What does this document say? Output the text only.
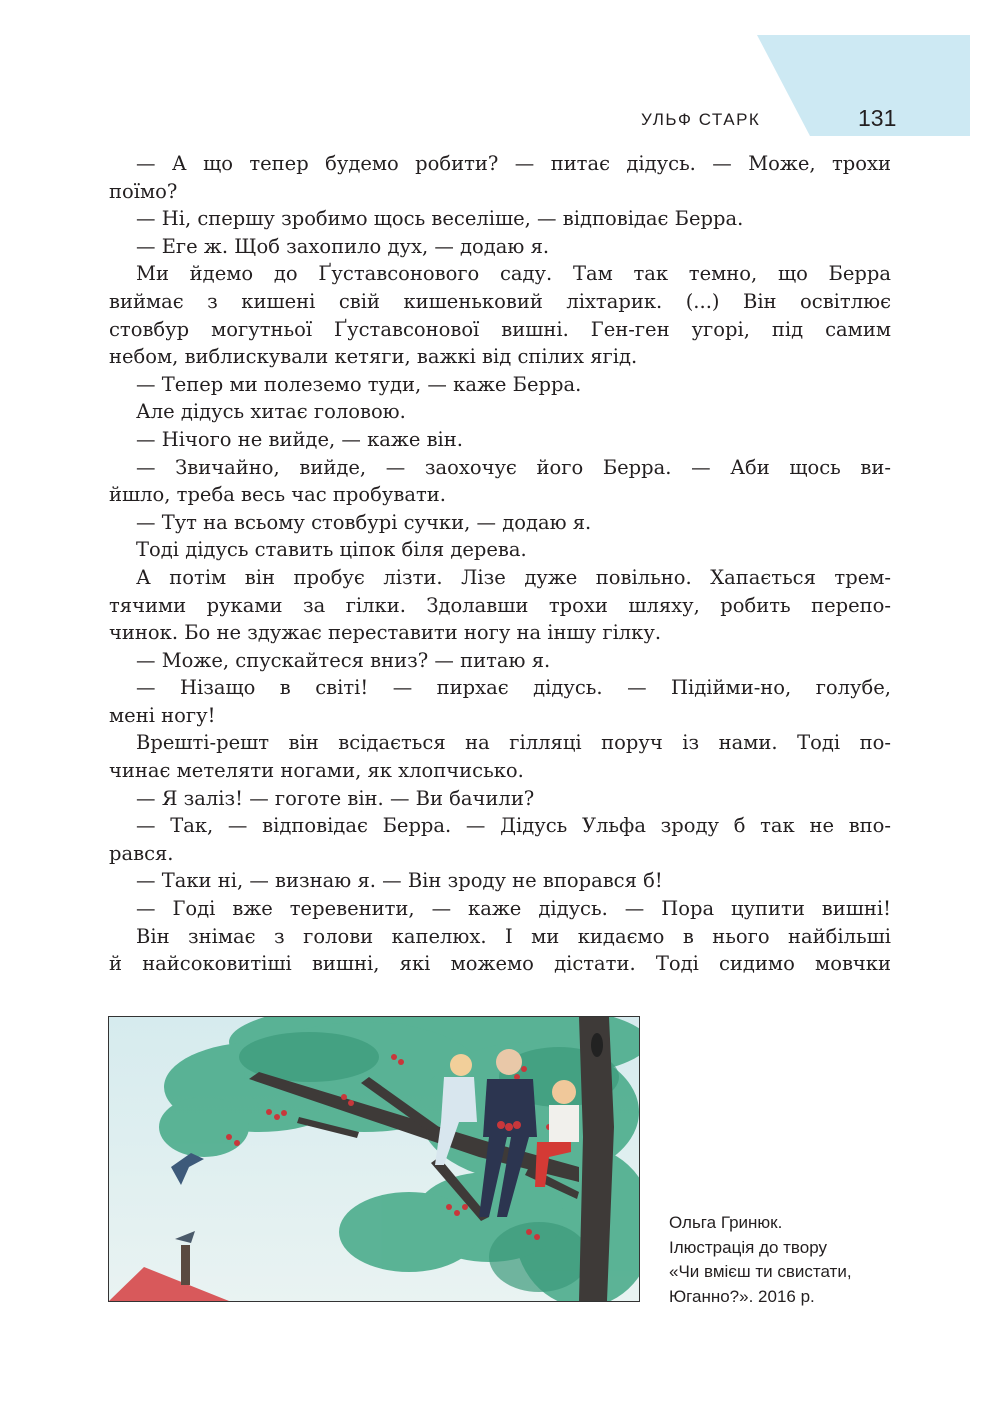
УЛЬФ СТАРК	131
— А що тепер будемо робити? — питає дідусь. — Може, трохи
поїмо?
— Ні, спершу зробимо щось веселіше, — відповідає Берра.
— Еге ж. Щоб захопило дух, — додаю я.
Ми йдемо до Ґуставсонового саду. Там так темно, що Берра
виймає з кишені свій кишеньковий ліхтарик. (...) Він освітлює
стовбур могутньої Ґуставсонової вишні. Ген-ген угорі, під самим
небом, виблискували кетяги, важкі від спілих ягід.
— Тепер ми полеземо туди, — каже Берра.
Але дідусь хитає головою.
— Нічого не вийде, — каже він.
— Звичайно, вийде, — заохочує його Берра. — Аби щось ви-
йшло, треба весь час пробувати.
— Тут на всьому стовбурі сучки, — додаю я.
Тоді дідусь ставить ціпок біля дерева.
А потім він пробує лізти. Лізе дуже повільно. Хапається трем-
тячими руками за гілки. Здолавши трохи шляху, робить перепо-
чинок. Бо не здужає переставити ногу на іншу гілку.
— Може, спускайтеся вниз? — питаю я.
— Нізащо в світі! — пирхає дідусь. — Підійми-но, голубе,
мені ногу!
Врешті-решт він всідається на гілляці поруч із нами. Тоді по-
чинає метеляти ногами, як хлопчисько.
— Я заліз! — гоготе він. — Ви бачили?
— Так, — відповідає Берра. — Дідусь Ульфа зроду б так не впо-
рався.
— Таки ні, — визнаю я. — Він зроду не впорався б!
— Годі вже теревенити, — каже дідусь. — Пора цупити вишні!
Він знімає з голови капелюх. І ми кидаємо в нього найбільші
й найсоковитіші вишні, які можемо дістати. Тоді сидимо мовчки
Ольга Гринюк.
Ілюстрація до твору
«Чи вмієш ти свистати,
Юганно?». 2016 р.
